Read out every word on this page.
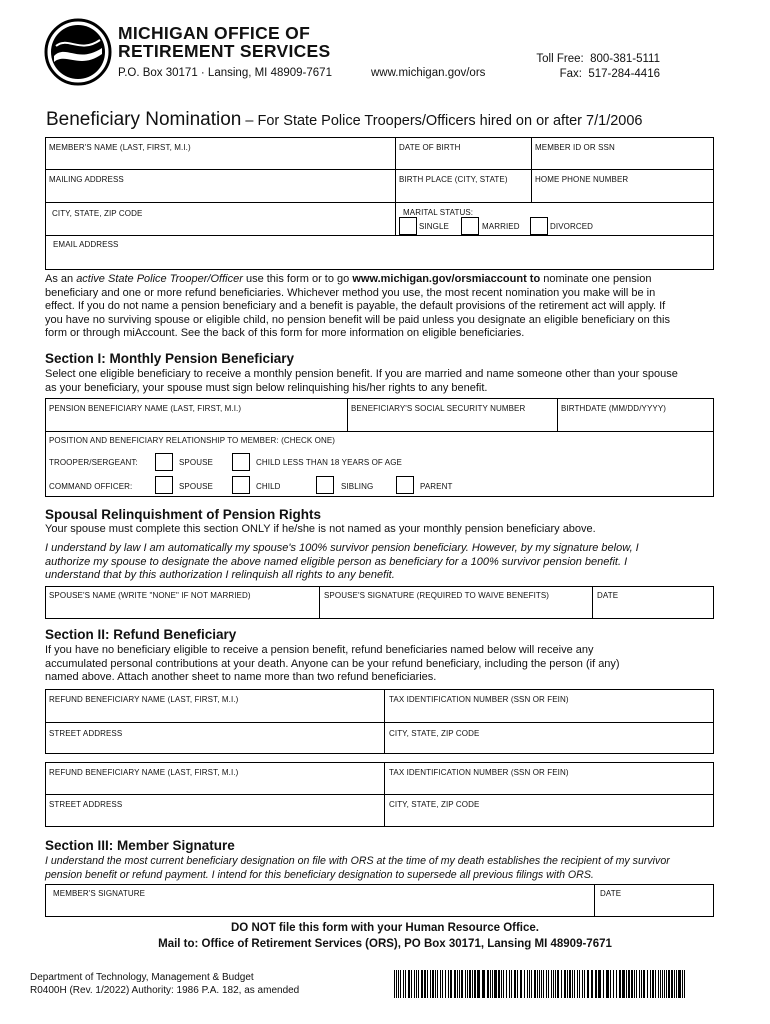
MICHIGAN OFFICE OF
RETIREMENT SERVICES
P.O. Box 30171 · Lansing, MI 48909-7671	www.michigan.gov/ors
Toll Free: 800-381-5111
Fax: 517-284-4416
Beneficiary Nomination – For State Police Troopers/Officers hired on or after 7/1/2006
MEMBER'S NAME (LAST, FIRST, M.I.)	DATE OF BIRTH	MEMBER ID OR SSN
MAILING ADDRESS	BIRTH PLACE (CITY, STATE)	HOME PHONE NUMBER
CITY, STATE, ZIP CODE	MARITAL STATUS:
SINGLE	MARRIED	DIVORCED
EMAIL ADDRESS
As an active State Police Trooper/Officer use this form or to go www.michigan.gov/orsmiaccount to nominate one pension
beneficiary and one or more refund beneficiaries. Whichever method you use, the most recent nomination you make will be in
effect. If you do not name a pension beneficiary and a benefit is payable, the default provisions of the retirement act will apply. If
you have no surviving spouse or eligible child, no pension benefit will be paid unless you designate an eligible beneficiary on this
form or through miAccount. See the back of this form for more information on eligible beneficiaries.
Section I: Monthly Pension Beneficiary
Select one eligible beneficiary to receive a monthly pension benefit. If you are married and name someone other than your spouse
as your beneficiary, your spouse must sign below relinquishing his/her rights to any benefit.
PENSION BENEFICIARY NAME (LAST, FIRST, M.I.)	BENEFICIARY'S SOCIAL SECURITY NUMBER	BIRTHDATE (MM/DD/YYYY)
POSITION AND BENEFICIARY RELATIONSHIP TO MEMBER: (CHECK ONE)
TROOPER/SERGEANT:	SPOUSE	CHILD LESS THAN 18 YEARS OF AGE
COMMAND OFFICER:	SPOUSE	CHILD	SIBLING	PARENT
Spousal Relinquishment of Pension Rights
Your spouse must complete this section ONLY if he/she is not named as your monthly pension beneficiary above.
I understand by law I am automatically my spouse's 100% survivor pension beneficiary. However, by my signature below, I
authorize my spouse to designate the above named eligible person as beneficiary for a 100% survivor pension benefit. I
understand that by this authorization I relinquish all rights to any benefit.
SPOUSE'S NAME (WRITE "NONE" IF NOT MARRIED)	SPOUSE'S SIGNATURE (REQUIRED TO WAIVE BENEFITS)	DATE
Section II: Refund Beneficiary
If you have no beneficiary eligible to receive a pension benefit, refund beneficiaries named below will receive any
accumulated personal contributions at your death. Anyone can be your refund beneficiary, including the person (if any)
named above. Attach another sheet to name more than two refund beneficiaries.
REFUND BENEFICIARY NAME (LAST, FIRST, M.I.)	TAX IDENTIFICATION NUMBER (SSN OR FEIN)
STREET ADDRESS	CITY, STATE, ZIP CODE
REFUND BENEFICIARY NAME (LAST, FIRST, M.I.)	TAX IDENTIFICATION NUMBER (SSN OR FEIN)
STREET ADDRESS	CITY, STATE, ZIP CODE
Section III: Member Signature
I understand the most current beneficiary designation on file with ORS at the time of my death establishes the recipient of my survivor
pension benefit or refund payment. I intend for this beneficiary designation to supersede all previous filings with ORS.
MEMBER'S SIGNATURE	DATE
DO NOT file this form with your Human Resource Office.
Mail to: Office of Retirement Services (ORS), PO Box 30171, Lansing MI 48909-7671
Department of Technology, Management & Budget
R0400H (Rev. 1/2022) Authority: 1986 P.A. 182, as amended
